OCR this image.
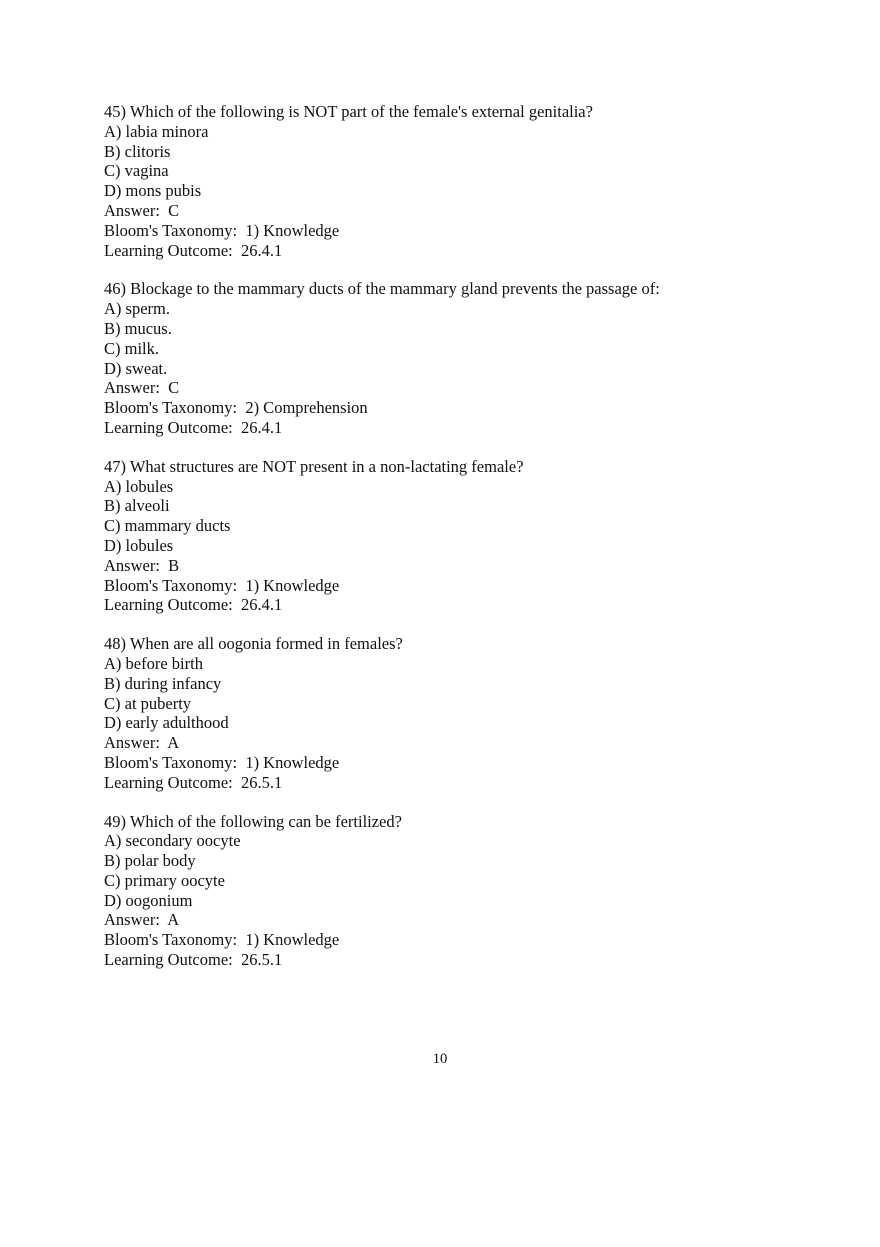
45) Which of the following is NOT part of the female's external genitalia?
A) labia minora
B) clitoris
C) vagina
D) mons pubis
Answer:  C
Bloom's Taxonomy:  1) Knowledge
Learning Outcome:  26.4.1
46) Blockage to the mammary ducts of the mammary gland prevents the passage of:
A) sperm.
B) mucus.
C) milk.
D) sweat.
Answer:  C
Bloom's Taxonomy:  2) Comprehension
Learning Outcome:  26.4.1
47) What structures are NOT present in a non-lactating female?
A) lobules
B) alveoli
C) mammary ducts
D) lobules
Answer:  B
Bloom's Taxonomy:  1) Knowledge
Learning Outcome:  26.4.1
48) When are all oogonia formed in females?
A) before birth
B) during infancy
C) at puberty
D) early adulthood
Answer:  A
Bloom's Taxonomy:  1) Knowledge
Learning Outcome:  26.5.1
49) Which of the following can be fertilized?
A) secondary oocyte
B) polar body
C) primary oocyte
D) oogonium
Answer:  A
Bloom's Taxonomy:  1) Knowledge
Learning Outcome:  26.5.1
10
